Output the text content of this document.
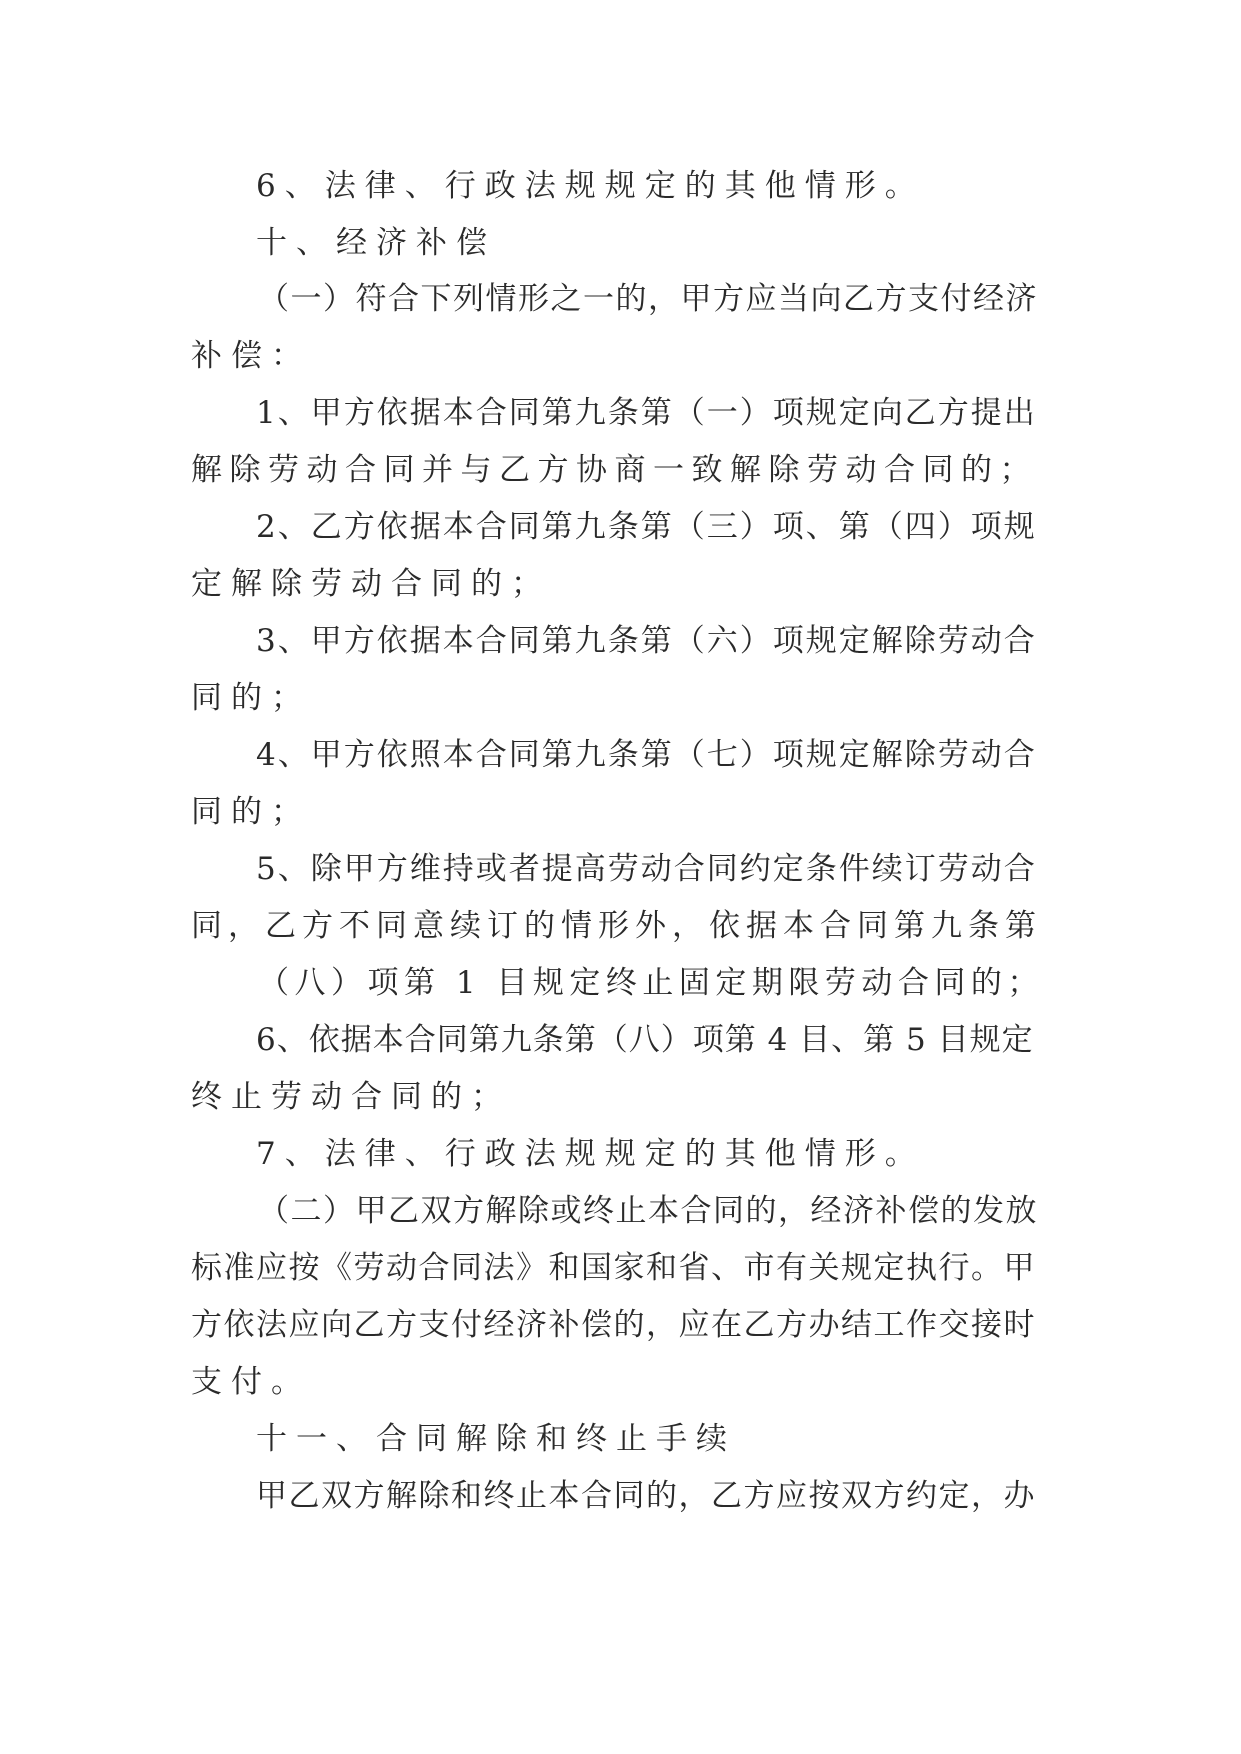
6、法律、行政法规规定的其他情形。
十、经济补偿
（一）符合下列情形之一的，甲方应当向乙方支付经济
补偿：
1、甲方依据本合同第九条第（一）项规定向乙方提出
解除劳动合同并与乙方协商一致解除劳动合同的；
2、乙方依据本合同第九条第（三）项、第（四）项规
定解除劳动合同的；
3、甲方依据本合同第九条第（六）项规定解除劳动合
同的；
4、甲方依照本合同第九条第（七）项规定解除劳动合
同的；
5、除甲方维持或者提高劳动合同约定条件续订劳动合
同，乙方不同意续订的情形外，依据本合同第九条第
（八）项第 1 目规定终止固定期限劳动合同的；
6、依据本合同第九条第（八）项第 4 目、第 5 目规定
终止劳动合同的；
7、法律、行政法规规定的其他情形。
（二）甲乙双方解除或终止本合同的，经济补偿的发放
标准应按《劳动合同法》和国家和省、市有关规定执行。甲
方依法应向乙方支付经济补偿的，应在乙方办结工作交接时
支付。
十一、合同解除和终止手续
甲乙双方解除和终止本合同的，乙方应按双方约定，办
